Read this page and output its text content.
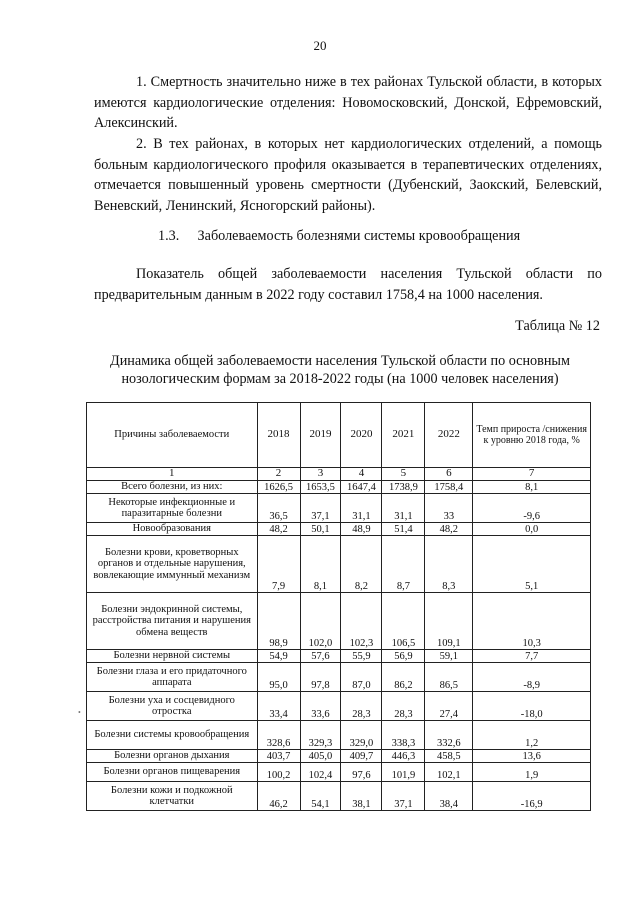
20

1. Смертность значительно ниже в тех районах Тульской области, в которых имеются кардиологические отделения: Новомосковский, Донской, Ефремовский, Алексинский.

2. В тех районах, в которых нет кардиологических отделений, а помощь больным кардиологического профиля оказывается в терапевтических отделениях, отмечается повышенный уровень смертности (Дубенский, Заокский, Белевский, Веневский, Ленинский, Ясногорский районы).

1.3. Заболеваемость болезнями системы кровообращения

Показатель общей заболеваемости населения Тульской области по предварительным данным в 2022 году составил 1758,4 на 1000 населения.

Таблица № 12
Динамика общей заболеваемости населения Тульской области по основным нозологическим формам за 2018-2022 годы (на 1000 человек населения)
•
Причины заболеваемости	2018	2019	2020	2021	2022	Темп прироста /снижения к уровню 2018 года, %
1	2	3	4	5	6	7
Всего болезни, из них:	1626,5	1653,5	1647,4	1738,9	1758,4	8,1
Некоторые инфекционные и паразитарные болезни	36,5	37,1	31,1	31,1	33	-9,6
Новообразования	48,2	50,1	48,9	51,4	48,2	0,0
Болезни крови, кроветворных органов и отдельные нарушения, вовлекающие иммунный механизм	7,9	8,1	8,2	8,7	8,3	5,1
Болезни эндокринной системы, расстройства питания и нарушения обмена веществ	98,9	102,0	102,3	106,5	109,1	10,3
Болезни нервной системы	54,9	57,6	55,9	56,9	59,1	7,7
Болезни глаза и его придаточного аппарата	95,0	97,8	87,0	86,2	86,5	-8,9
Болезни уха и сосцевидного отростка	33,4	33,6	28,3	28,3	27,4	-18,0
Болезни системы кровообращения	328,6	329,3	329,0	338,3	332,6	1,2
Болезни органов дыхания	403,7	405,0	409,7	446,3	458,5	13,6
Болезни органов пищеварения	100,2	102,4	97,6	101,9	102,1	1,9
Болезни кожи и подкожной клетчатки	46,2	54,1	38,1	37,1	38,4	-16,9
